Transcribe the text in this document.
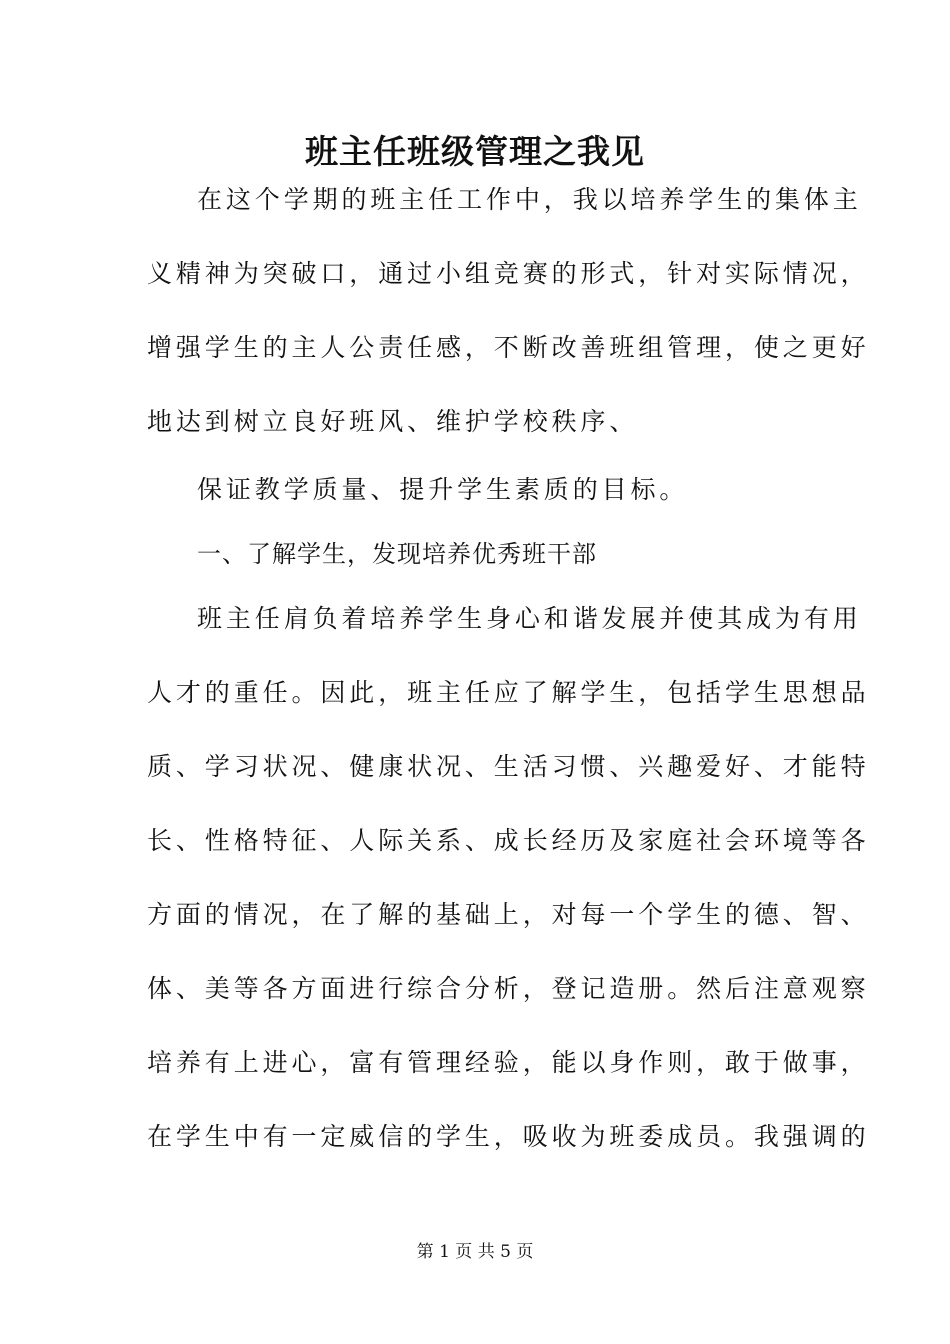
班主任班级管理之我见
在这个学期的班主任工作中，我以培养学生的集体主
义精神为突破口，通过小组竞赛的形式，针对实际情况，
增强学生的主人公责任感，不断改善班组管理，使之更好
地达到树立良好班风、维护学校秩序、
保证教学质量、提升学生素质的目标。
一、了解学生，发现培养优秀班干部
班主任肩负着培养学生身心和谐发展并使其成为有用
人才的重任。因此，班主任应了解学生，包括学生思想品
质、学习状况、健康状况、生活习惯、兴趣爱好、才能特
长、性格特征、人际关系、成长经历及家庭社会环境等各
方面的情况，在了解的基础上，对每一个学生的德、智、
体、美等各方面进行综合分析，登记造册。然后注意观察
培养有上进心，富有管理经验，能以身作则，敢于做事，
在学生中有一定威信的学生，吸收为班委成员。我强调的
第 1 页 共 5 页
